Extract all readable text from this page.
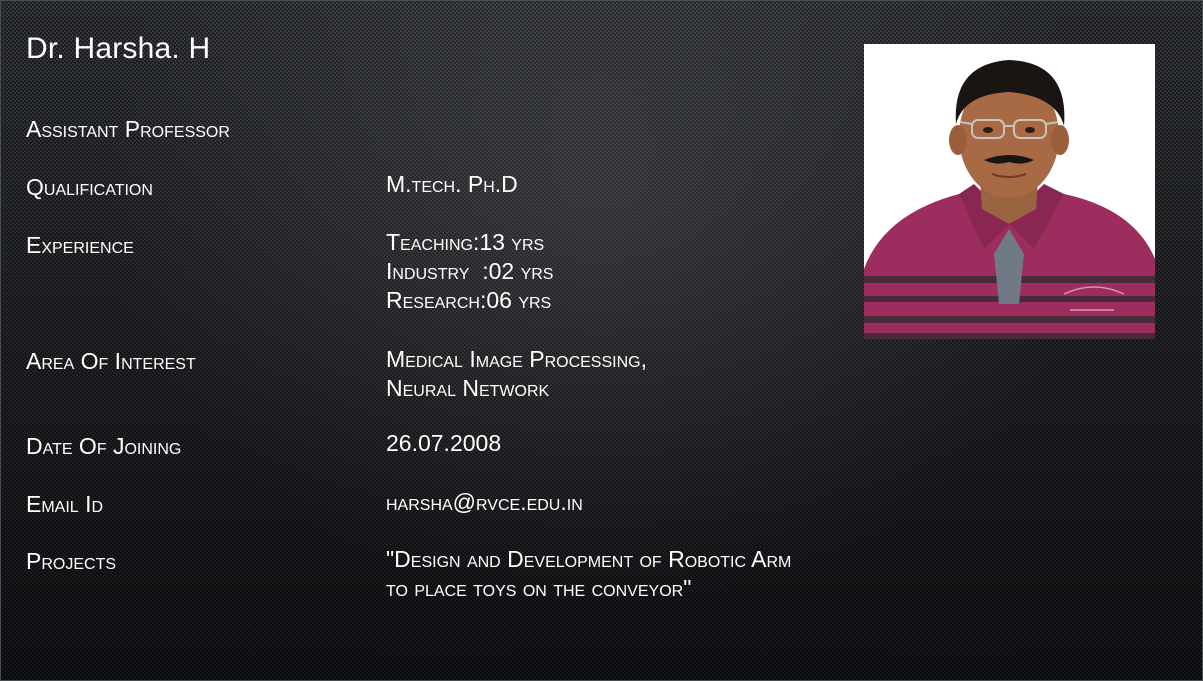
Dr. Harsha. H
Assistant Professor
Qualification	M.tech. Ph.D
Experience	Teaching:13 yrs
Industry  :02 yrs
Research:06 yrs
Area Of Interest	Medical Image Processing,
Neural Network
Date Of Joining	26.07.2008
Email Id	harsha@rvce.edu.in
Projects	"Design and Development of Robotic Arm
to place toys on the conveyor"
